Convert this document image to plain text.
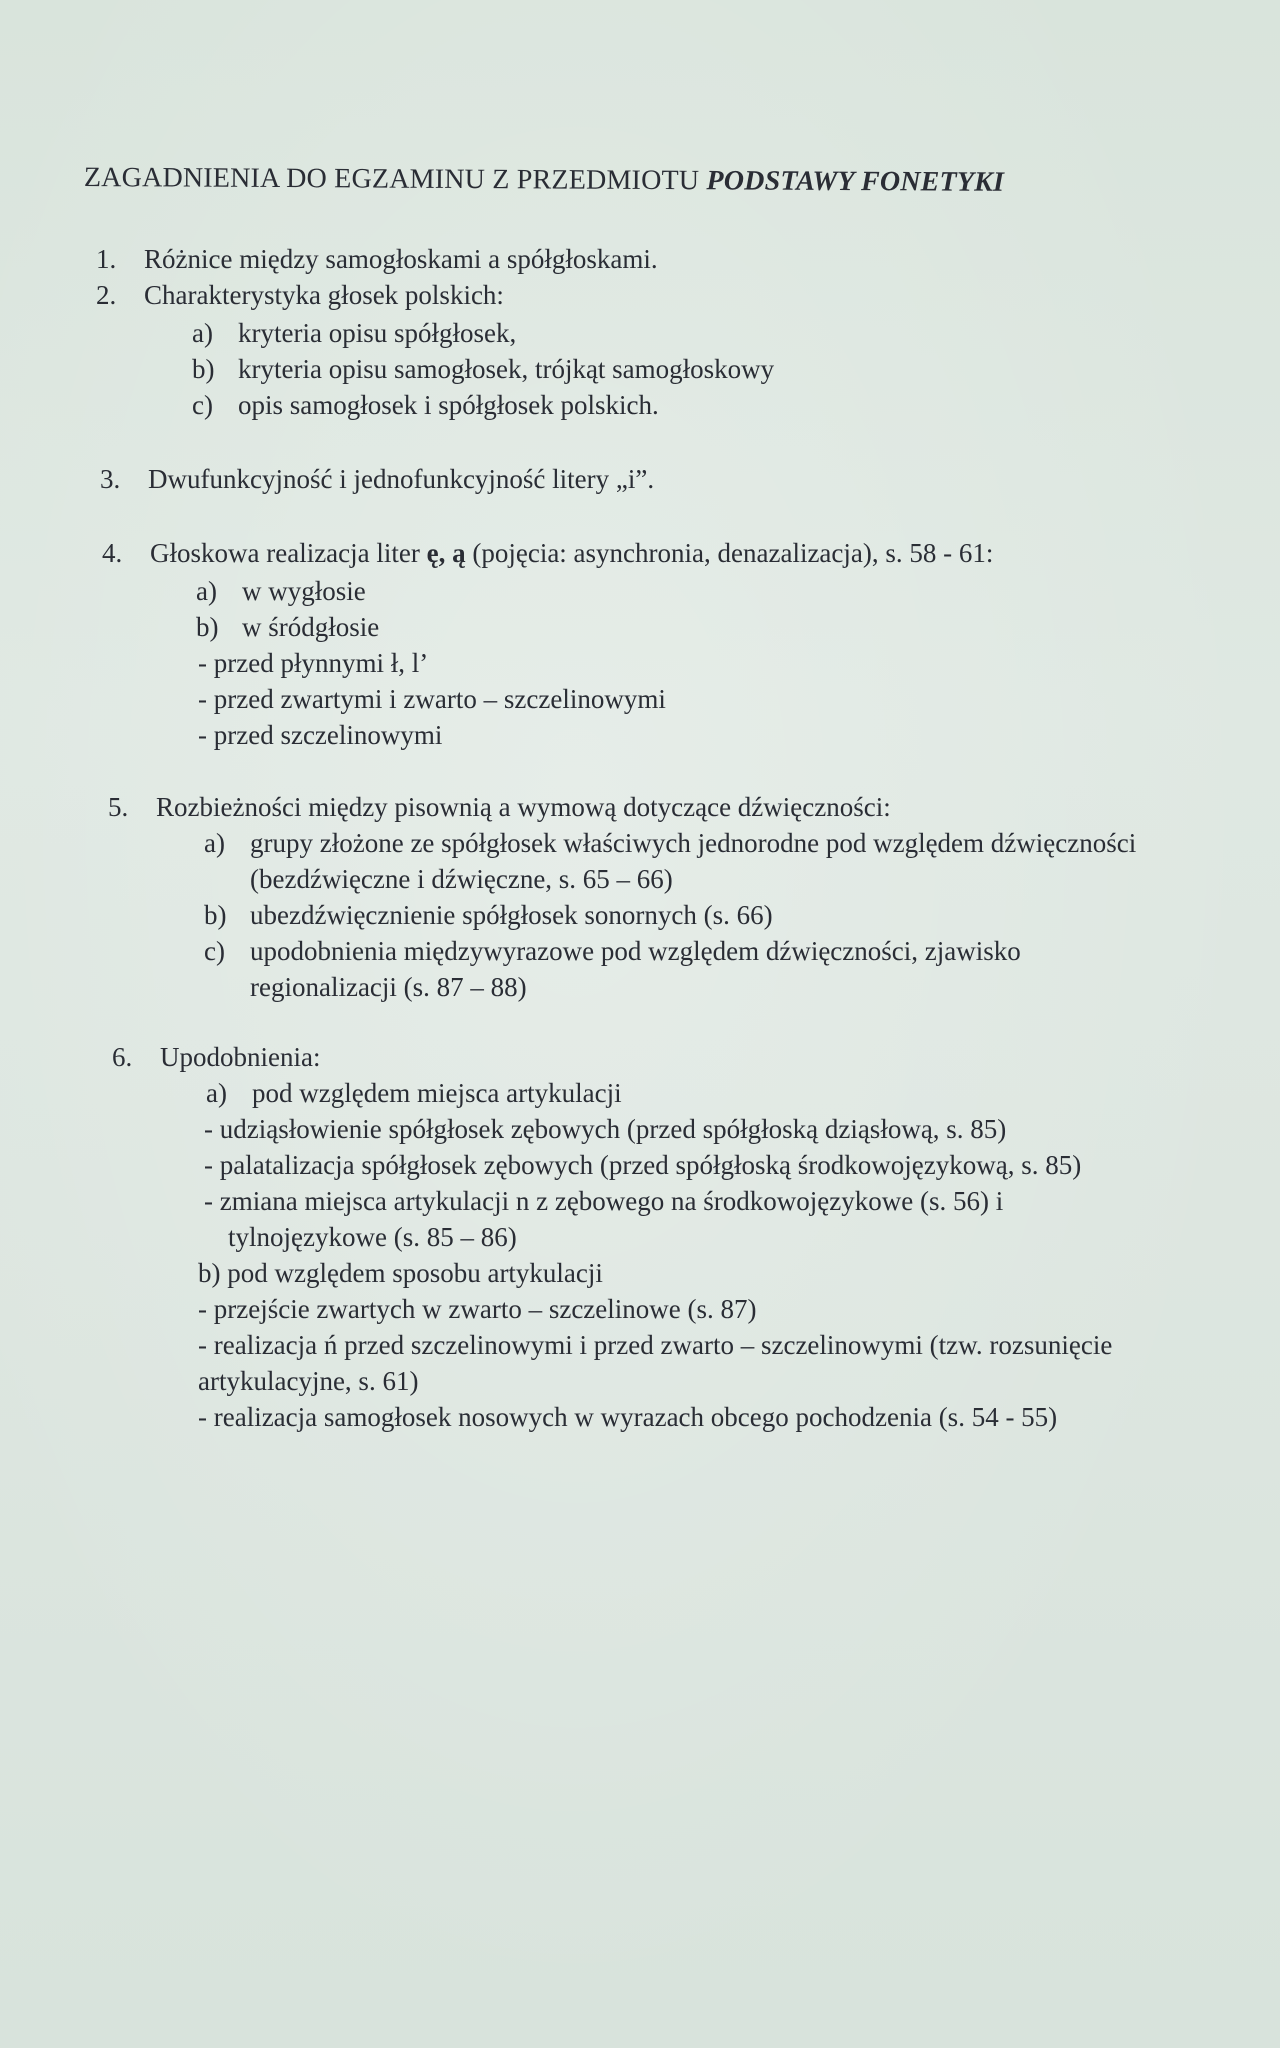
ZAGADNIENIA DO EGZAMINU Z PRZEDMIOTU PODSTAWY FONETYKI
1. Różnice między samogłoskami a spółgłoskami.
2. Charakterystyka głosek polskich:
a) kryteria opisu spółgłosek,
b) kryteria opisu samogłosek, trójkąt samogłoskowy
c) opis samogłosek i spółgłosek polskich.
3. Dwufunkcyjność i jednofunkcyjność litery „i”.
4. Głoskowa realizacja liter ę, ą (pojęcia: asynchronia, denazalizacja), s. 58 - 61:
a) w wygłosie
b) w śródgłosie
- przed płynnymi ł, l’
- przed zwartymi i zwarto – szczelinowymi
- przed szczelinowymi
5. Rozbieżności między pisownią a wymową dotyczące dźwięczności:
a) grupy złożone ze spółgłosek właściwych jednorodne pod względem dźwięczności
(bezdźwięczne i dźwięczne, s. 65 – 66)
b) ubezdźwięcznienie spółgłosek sonornych (s. 66)
c) upodobnienia międzywyrazowe pod względem dźwięczności, zjawisko
regionalizacji (s. 87 – 88)
6. Upodobnienia:
a) pod względem miejsca artykulacji
- udziąsłowienie spółgłosek zębowych (przed spółgłoską dziąsłową, s. 85)
- palatalizacja spółgłosek zębowych (przed spółgłoską środkowojęzykową, s. 85)
- zmiana miejsca artykulacji n z zębowego na środkowojęzykowe (s. 56) i
tylnojęzykowe (s. 85 – 86)
b) pod względem sposobu artykulacji
- przejście zwartych w zwarto – szczelinowe (s. 87)
- realizacja ń przed szczelinowymi i przed zwarto – szczelinowymi (tzw. rozsunięcie
artykulacyjne, s. 61)
- realizacja samogłosek nosowych w wyrazach obcego pochodzenia (s. 54 - 55)
